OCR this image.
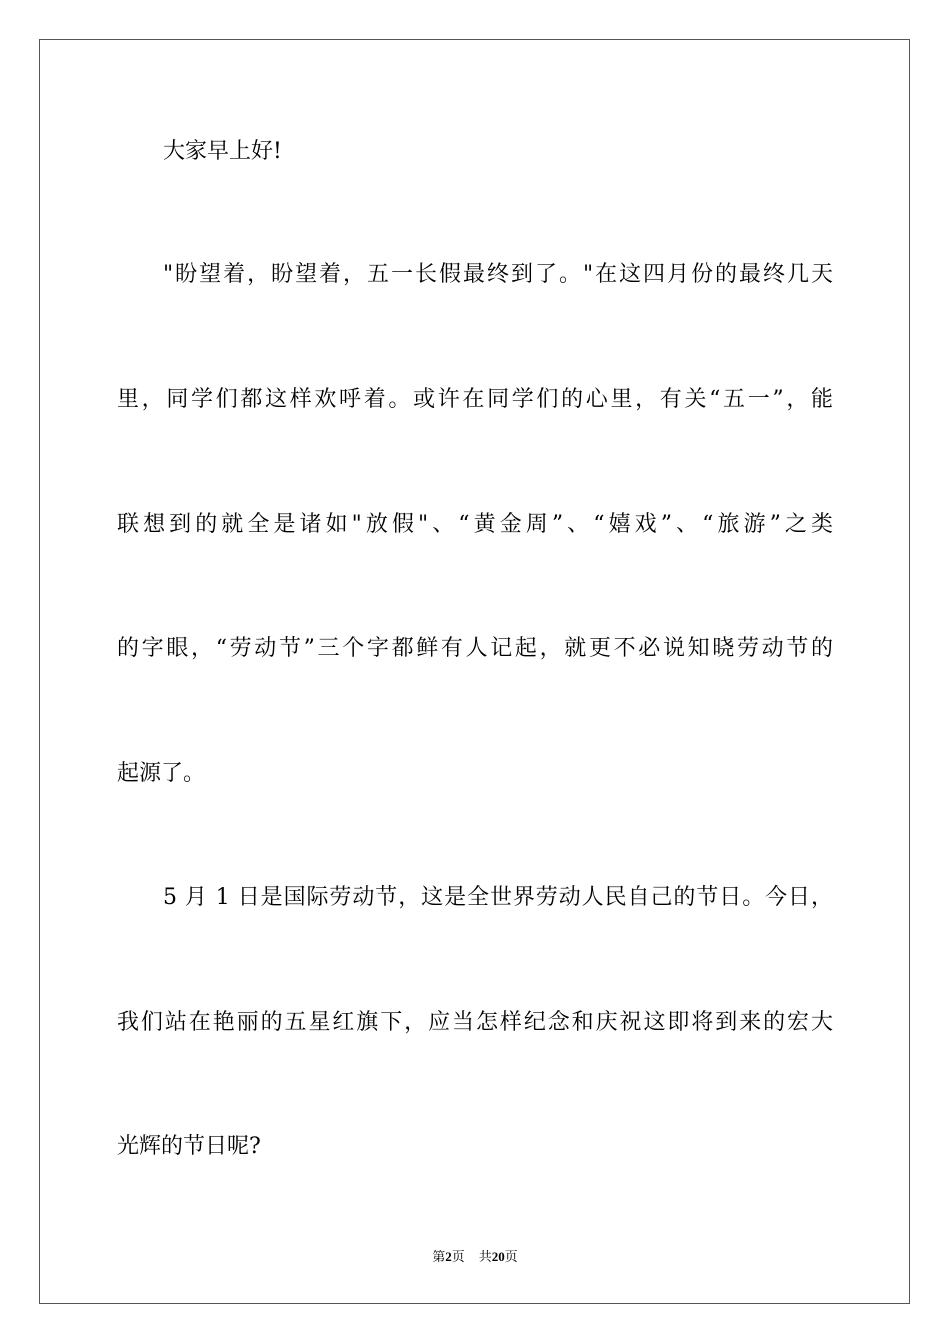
大家早上好!
"盼望着，盼望着，五一长假最终到了。"在这四月份的最终几天
里，同学们都这样欢呼着。或许在同学们的心里，有关“五一”，能
联想到的就全是诸如"放假"、“黄金周”、“嬉戏”、“旅游”之类
的字眼，“劳动节”三个字都鲜有人记起，就更不必说知晓劳动节的
起源了。
5 月 1 日是国际劳动节，这是全世界劳动人民自己的节日。今日，
我们站在艳丽的五星红旗下，应当怎样纪念和庆祝这即将到来的宏大
光辉的节日呢?
第2页 共20页
